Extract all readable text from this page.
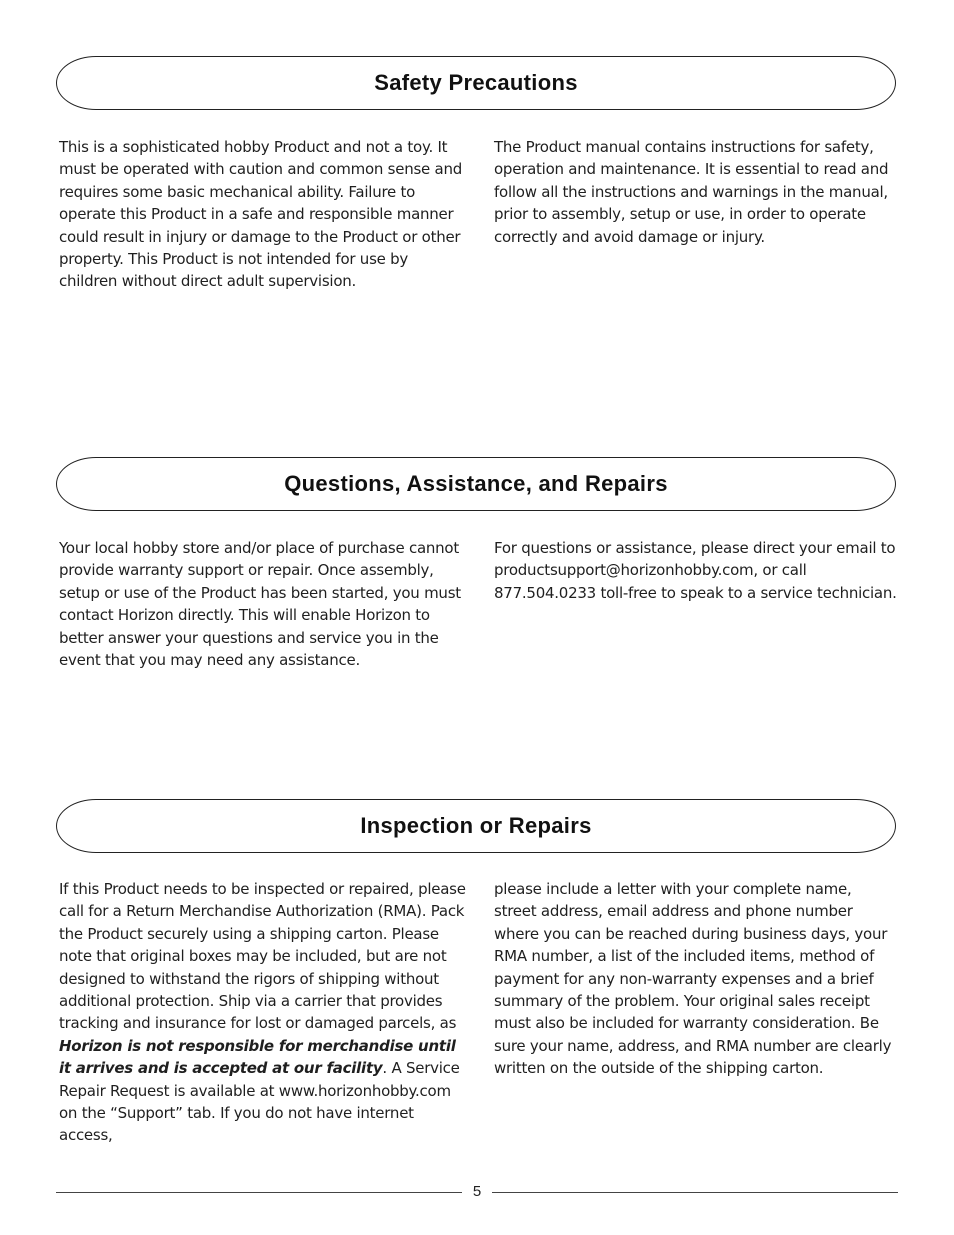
Safety Precautions

This is a sophisticated hobby Product and not a toy. It must be operated with caution and common sense and requires some basic mechanical ability. Failure to operate this Product in a safe and responsible manner could result in injury or damage to the Product or other property. This Product is not intended for use by children without direct adult supervision.

The Product manual contains instructions for safety, operation and maintenance. It is essential to read and follow all the instructions and warnings in the manual, prior to assembly, setup or use, in order to operate correctly and avoid damage or injury.

Questions, Assistance, and Repairs

Your local hobby store and/or place of purchase cannot provide warranty support or repair. Once assembly, setup or use of the Product has been started, you must contact Horizon directly. This will enable Horizon to better answer your questions and service you in the event that you may need any assistance.

For questions or assistance, please direct your email to productsupport@horizonhobby.com, or call 877.504.0233 toll-free to speak to a service technician.

Inspection or Repairs

If this Product needs to be inspected or repaired, please call for a Return Merchandise Authorization (RMA). Pack the Product securely using a shipping carton. Please note that original boxes may be included, but are not designed to withstand the rigors of shipping without additional protection. Ship via a carrier that provides tracking and insurance for lost or damaged parcels, as Horizon is not responsible for merchandise until it arrives and is accepted at our facility. A Service Repair Request is available at www.horizonhobby.com on the “Support” tab. If you do not have internet access,

please include a letter with your complete name, street address, email address and phone number where you can be reached during business days, your RMA number, a list of the included items, method of payment for any non-warranty expenses and a brief summary of the problem. Your original sales receipt must also be included for warranty consideration. Be sure your name, address, and RMA number are clearly written on the outside of the shipping carton.

5
